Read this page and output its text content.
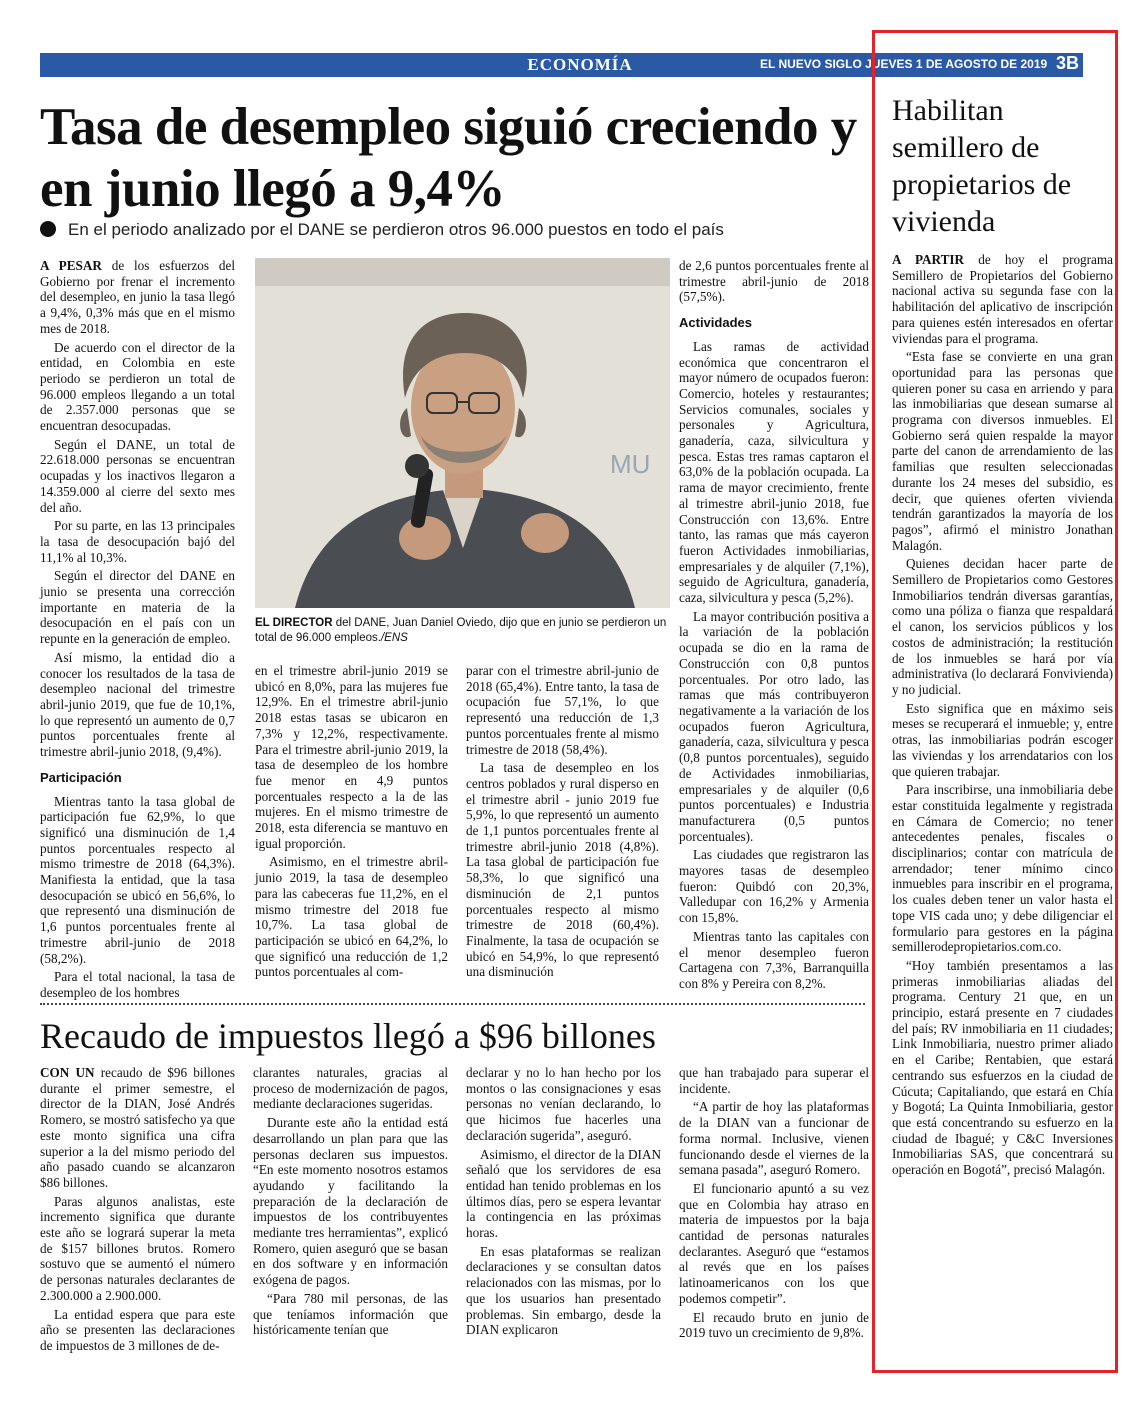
ECONOMÍA	EL NUEVO SIGLO JUEVES 1 DE AGOSTO DE 2019 3B
Tasa de desempleo siguió creciendo y en junio llegó a 9,4%
En el periodo analizado por el DANE se perdieron otros 96.000 puestos en todo el país

A PESAR de los esfuerzos del Gobierno por frenar el incremento del desempleo, en junio la tasa llegó a 9,4%, 0,3% más que en el mismo mes de 2018.

De acuerdo con el director de la entidad, en Colombia en este periodo se perdieron un total de 96.000 empleos llegando a un total de 2.357.000 personas que se encuentran desocupadas.

Según el DANE, un total de 22.618.000 personas se encuentran ocupadas y los inactivos llegaron a 14.359.000 al cierre del sexto mes del año.

Por su parte, en las 13 principales la tasa de desocupación bajó del 11,1% al 10,3%.

Según el director del DANE en junio se presenta una corrección importante en materia de la desocupación en el país con un repunte en la generación de empleo.

Así mismo, la entidad dio a conocer los resultados de la tasa de desempleo nacional del trimestre abril-junio 2019, que fue de 10,1%, lo que representó un aumento de 0,7 puntos porcentuales frente al trimestre abril-junio 2018, (9,4%).

Participación

Mientras tanto la tasa global de participación fue 62,9%, lo que significó una disminución de 1,4 puntos porcentuales respecto al mismo trimestre de 2018 (64,3%). Manifiesta la entidad, que la tasa desocupación se ubicó en 56,6%, lo que representó una disminución de 1,6 puntos porcentuales frente al trimestre abril-junio de 2018 (58,2%).

Para el total nacional, la tasa de desempleo de los hombres

MU
EL DIRECTOR del DANE, Juan Daniel Oviedo, dijo que en junio se perdieron un total de 96.000 empleos./ENS

en el trimestre abril-junio 2019 se ubicó en 8,0%, para las mujeres fue 12,9%. En el trimestre abril-junio 2018 estas tasas se ubicaron en 7,3% y 12,2%, respectivamente. Para el trimestre abril-junio 2019, la tasa de desempleo de los hombre fue menor en 4,9 puntos porcentuales respecto a la de las mujeres. En el mismo trimestre de 2018, esta diferencia se mantuvo en igual proporción.

Asimismo, en el trimestre abril-junio 2019, la tasa de desempleo para las cabeceras fue 11,2%, en el mismo trimestre del 2018 fue 10,7%. La tasa global de participación se ubicó en 64,2%, lo que significó una reducción de 1,2 puntos porcentuales al com-

parar con el trimestre abril-junio de 2018 (65,4%). Entre tanto, la tasa de ocupación fue 57,1%, lo que representó una reducción de 1,3 puntos porcentuales frente al mismo trimestre de 2018 (58,4%).

La tasa de desempleo en los centros poblados y rural disperso en el trimestre abril - junio 2019 fue 5,9%, lo que representó un aumento de 1,1 puntos porcentuales frente al trimestre abril-junio 2018 (4,8%). La tasa global de participación fue 58,3%, lo que significó una disminución de 2,1 puntos porcentuales respecto al mismo trimestre de 2018 (60,4%). Finalmente, la tasa de ocupación se ubicó en 54,9%, lo que representó una disminución

de 2,6 puntos porcentuales frente al trimestre abril-junio de 2018 (57,5%).

Actividades

Las ramas de actividad económica que concentraron el mayor número de ocupados fueron: Comercio, hoteles y restaurantes; Servicios comunales, sociales y personales y Agricultura, ganadería, caza, silvicultura y pesca. Estas tres ramas captaron el 63,0% de la población ocupada. La rama de mayor crecimiento, frente al trimestre abril-junio 2018, fue Construcción con 13,6%. Entre tanto, las ramas que más cayeron fueron Actividades inmobiliarias, empresariales y de alquiler (7,1%), seguido de Agricultura, ganadería, caza, silvicultura y pesca (5,2%).

La mayor contribución positiva a la variación de la población ocupada se dio en la rama de Construcción con 0,8 puntos porcentuales. Por otro lado, las ramas que más contribuyeron negativamente a la variación de los ocupados fueron Agricultura, ganadería, caza, silvicultura y pesca (0,8 puntos porcentuales), seguido de Actividades inmobiliarias, empresariales y de alquiler (0,6 puntos porcentuales) e Industria manufacturera (0,5 puntos porcentuales).

Las ciudades que registraron las mayores tasas de desempleo fueron: Quibdó con 20,3%, Valledupar con 16,2% y Armenia con 15,8%.

Mientras tanto las capitales con el menor desempleo fueron Cartagena con 7,3%, Barranquilla con 8% y Pereira con 8,2%.

Recaudo de impuestos llegó a $96 billones

CON UN recaudo de $96 billones durante el primer semestre, el director de la DIAN, José Andrés Romero, se mostró satisfecho ya que este monto significa una cifra superior a la del mismo periodo del año pasado cuando se alcanzaron $86 billones.

Paras algunos analistas, este incremento significa que durante este año se logrará superar la meta de $157 billones brutos. Romero sostuvo que se aumentó el número de personas naturales declarantes de 2.300.000 a 2.900.000.

La entidad espera que para este año se presenten las declaraciones de impuestos de 3 millones de de-

clarantes naturales, gracias al proceso de modernización de pagos, mediante declaraciones sugeridas.

Durante este año la entidad está desarrollando un plan para que las personas declaren sus impuestos. “En este momento nosotros estamos ayudando y facilitando la preparación de la declaración de impuestos de los contribuyentes mediante tres herramientas”, explicó Romero, quien aseguró que se basan en dos software y en información exógena de pagos.

“Para 780 mil personas, de las que teníamos información que históricamente tenían que

declarar y no lo han hecho por los montos o las consignaciones y esas personas no venían declarando, lo que hicimos fue hacerles una declaración sugerida”, aseguró.

Asimismo, el director de la DIAN señaló que los servidores de esa entidad han tenido problemas en los últimos días, pero se espera levantar la contingencia en las próximas horas.

En esas plataformas se realizan declaraciones y se consultan datos relacionados con las mismas, por lo que los usuarios han presentado problemas. Sin embargo, desde la DIAN explicaron

que han trabajado para superar el incidente.

“A partir de hoy las plataformas de la DIAN van a funcionar de forma normal. Inclusive, vienen funcionando desde el viernes de la semana pasada”, aseguró Romero.

El funcionario apuntó a su vez que en Colombia hay atraso en materia de impuestos por la baja cantidad de personas naturales declarantes. Aseguró que “estamos al revés que en los países latinoamericanos con los que podemos competir”.

El recaudo bruto en junio de 2019 tuvo un crecimiento de 9,8%.

Habilitan semillero de propietarios de vivienda

A PARTIR de hoy el programa Semillero de Propietarios del Gobierno nacional activa su segunda fase con la habilitación del aplicativo de inscripción para quienes estén interesados en ofertar viviendas para el programa.

“Esta fase se convierte en una gran oportunidad para las personas que quieren poner su casa en arriendo y para las inmobiliarias que desean sumarse al programa con diversos inmuebles. El Gobierno será quien respalde la mayor parte del canon de arrendamiento de las familias que resulten seleccionadas durante los 24 meses del subsidio, es decir, que quienes oferten vivienda tendrán garantizados la mayoría de los pagos”, afirmó el ministro Jonathan Malagón.

Quienes decidan hacer parte de Semillero de Propietarios como Gestores Inmobiliarios tendrán diversas garantías, como una póliza o fianza que respaldará el canon, los servicios públicos y los costos de administración; la restitución de los inmuebles se hará por vía administrativa (lo declarará Fonvivienda) y no judicial.

Esto significa que en máximo seis meses se recuperará el inmueble; y, entre otras, las inmobiliarias podrán escoger las viviendas y los arrendatarios con los que quieren trabajar.

Para inscribirse, una inmobiliaria debe estar constituida legalmente y registrada en Cámara de Comercio; no tener antecedentes penales, fiscales o disciplinarios; contar con matrícula de arrendador; tener mínimo cinco inmuebles para inscribir en el programa, los cuales deben tener un valor hasta el tope VIS cada uno; y debe diligenciar el formulario para gestores en la página semillerodepropietarios.com.co.

“Hoy también presentamos a las primeras inmobiliarias aliadas del programa. Century 21 que, en un principio, estará presente en 7 ciudades del país; RV inmobiliaria en 11 ciudades; Link Inmobiliaria, nuestro primer aliado en el Caribe; Rentabien, que estará centrando sus esfuerzos en la ciudad de Cúcuta; Capitaliando, que estará en Chía y Bogotá; La Quinta Inmobiliaria, gestor que está concentrando su esfuerzo en la ciudad de Ibagué; y C&C Inversiones Inmobiliarias SAS, que concentrará su operación en Bogotá”, precisó Malagón.
